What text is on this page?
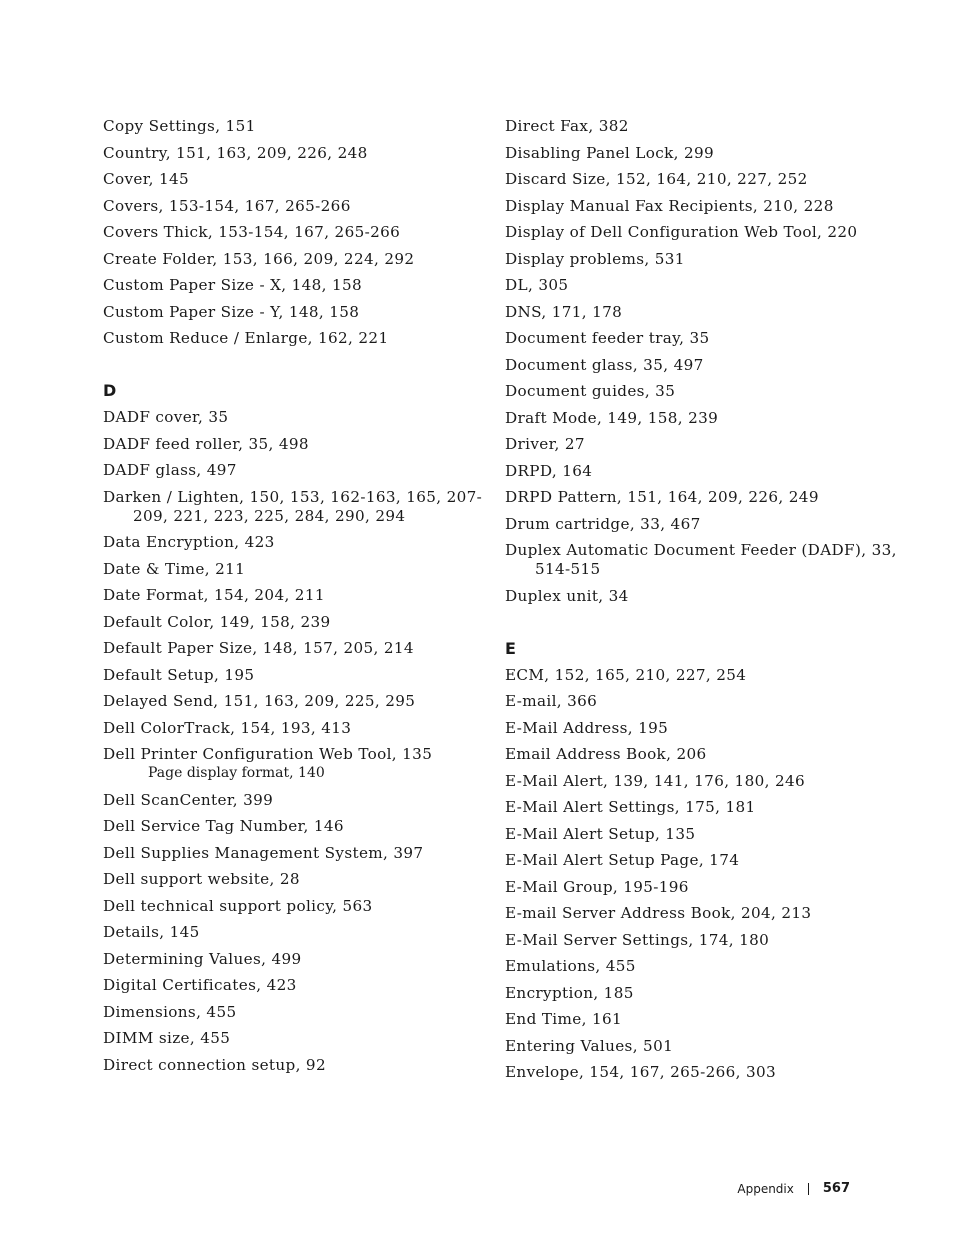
Copy Settings, 151
Country, 151, 163, 209, 226, 248
Cover, 145
Covers, 153-154, 167, 265-266
Covers Thick, 153-154, 167, 265-266
Create Folder, 153, 166, 209, 224, 292
Custom Paper Size - X, 148, 158
Custom Paper Size - Y, 148, 158
Custom Reduce / Enlarge, 162, 221
D
DADF cover, 35
DADF feed roller, 35, 498
DADF glass, 497
Darken / Lighten, 150, 153, 162-163, 165, 207-209, 221, 223, 225, 284, 290, 294
Data Encryption, 423
Date & Time, 211
Date Format, 154, 204, 211
Default Color, 149, 158, 239
Default Paper Size, 148, 157, 205, 214
Default Setup, 195
Delayed Send, 151, 163, 209, 225, 295
Dell ColorTrack, 154, 193, 413
Dell Printer Configuration Web Tool, 135
Page display format, 140
Dell ScanCenter, 399
Dell Service Tag Number, 146
Dell Supplies Management System, 397
Dell support website, 28
Dell technical support policy, 563
Details, 145
Determining Values, 499
Digital Certificates, 423
Dimensions, 455
DIMM size, 455
Direct connection setup, 92
Direct Fax, 382
Disabling Panel Lock, 299
Discard Size, 152, 164, 210, 227, 252
Display Manual Fax Recipients, 210, 228
Display of Dell Configuration Web Tool, 220
Display problems, 531
DL, 305
DNS, 171, 178
Document feeder tray, 35
Document glass, 35, 497
Document guides, 35
Draft Mode, 149, 158, 239
Driver, 27
DRPD, 164
DRPD Pattern, 151, 164, 209, 226, 249
Drum cartridge, 33, 467
Duplex Automatic Document Feeder (DADF), 33, 514-515
Duplex unit, 34
E
ECM, 152, 165, 210, 227, 254
E-mail, 366
E-Mail Address, 195
Email Address Book, 206
E-Mail Alert, 139, 141, 176, 180, 246
E-Mail Alert Settings, 175, 181
E-Mail Alert Setup, 135
E-Mail Alert Setup Page, 174
E-Mail Group, 195-196
E-mail Server Address Book, 204, 213
E-Mail Server Settings, 174, 180
Emulations, 455
Encryption, 185
End Time, 161
Entering Values, 501
Envelope, 154, 167, 265-266, 303
Appendix 567
